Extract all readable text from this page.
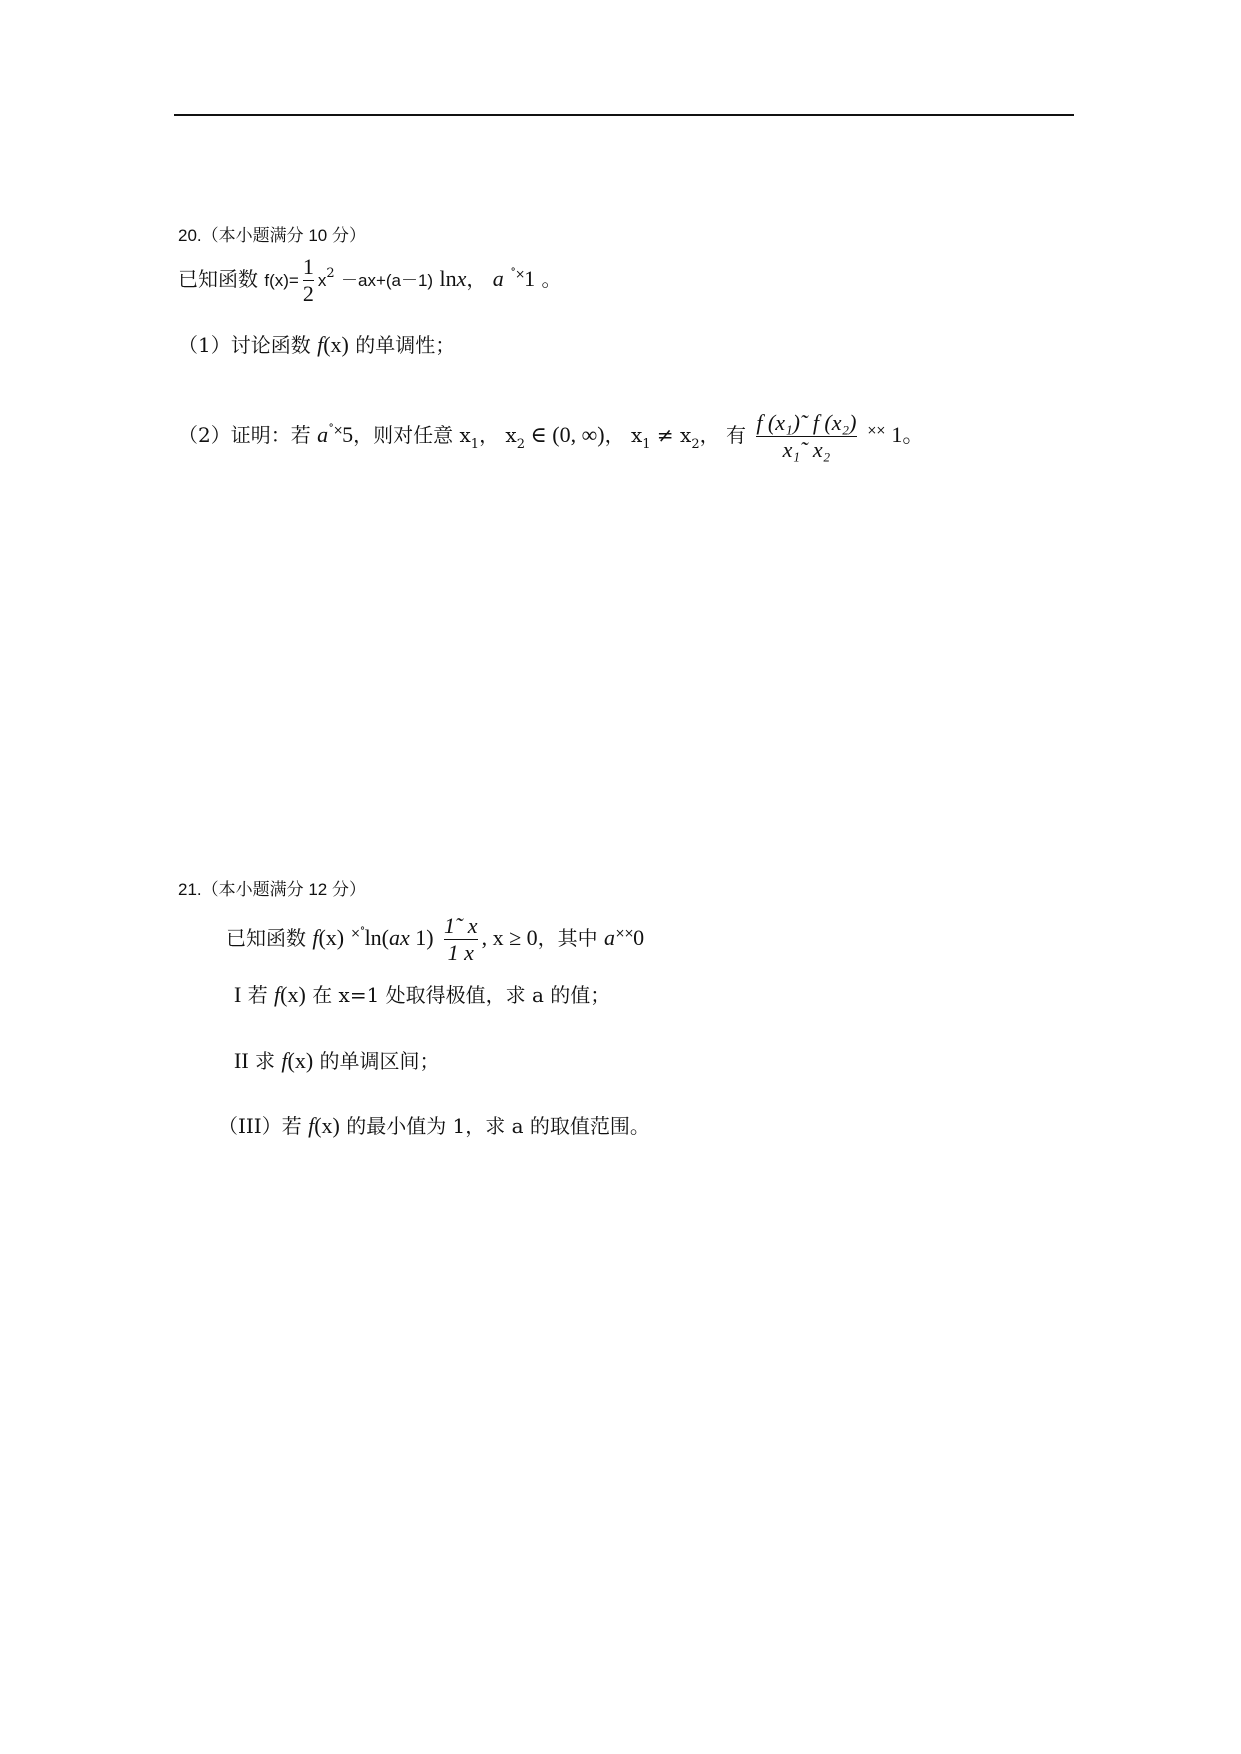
20.（本小题满分 10 分）
已知函数 $f(x)= \frac{1}{2} x^2 -ax+(a-1)$ lnx， a ˚×1 。
（1）讨论函数 f(x) 的单调性；
（2）证明：若 a˚×5，则对任意 $x_1$， $x_2$ ∈ (0, ∞)， $x_1 \ne x_2$， 有 $\frac{\text{f (x₁)˜ f (x₂)}}{\text{x₁˜ x₂}} ^{\times\times}$ 1。
21.（本小题满分 12 分）
已知函数 f(x) ×˚ln(ax $1) \frac{1˜ x}{1 x}$ , x ≥ 0，其中 a××0
I 若 f(x) 在 x=1 处取得极值，求 a 的值；
II 求 f(x) 的单调区间；
（III）若 f(x) 的最小值为 1，求 a 的取值范围。
